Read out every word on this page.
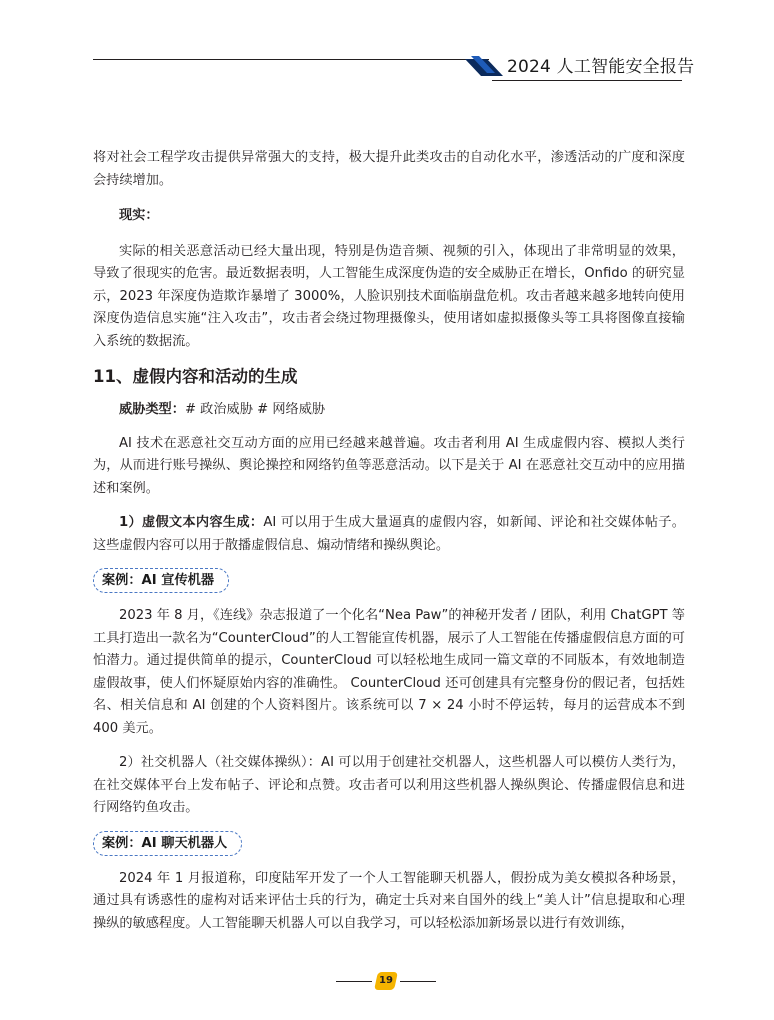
2024 人工智能安全报告

将对社会工程学攻击提供异常强大的支持，极大提升此类攻击的自动化水平，渗透活动的广度和深度会持续增加。

现实：

实际的相关恶意活动已经大量出现，特别是伪造音频、视频的引入，体现出了非常明显的效果，导致了很现实的危害。最近数据表明，人工智能生成深度伪造的安全威胁正在增长，Onfido 的研究显示，2023 年深度伪造欺诈暴增了 3000%，人脸识别技术面临崩盘危机。攻击者越来越多地转向使用深度伪造信息实施“注入攻击”，攻击者会绕过物理摄像头，使用诸如虚拟摄像头等工具将图像直接输入系统的数据流。

11、虚假内容和活动的生成
威胁类型：# 政治威胁 # 网络威胁

AI 技术在恶意社交互动方面的应用已经越来越普遍。攻击者利用 AI 生成虚假内容、模拟人类行为，从而进行账号操纵、舆论操控和网络钓鱼等恶意活动。以下是关于 AI 在恶意社交互动中的应用描述和案例。

1）虚假文本内容生成：AI 可以用于生成大量逼真的虚假内容，如新闻、评论和社交媒体帖子。这些虚假内容可以用于散播虚假信息、煽动情绪和操纵舆论。

案例：AI 宣传机器

2023 年 8 月，《连线》杂志报道了一个化名“Nea Paw”的神秘开发者 / 团队，利用 ChatGPT 等工具打造出一款名为“CounterCloud”的人工智能宣传机器，展示了人工智能在传播虚假信息方面的可怕潜力。通过提供简单的提示，CounterCloud 可以轻松地生成同一篇文章的不同版本，有效地制造虚假故事，使人们怀疑原始内容的准确性。 CounterCloud 还可创建具有完整身份的假记者，包括姓名、相关信息和 AI 创建的个人资料图片。该系统可以 7 × 24 小时不停运转，每月的运营成本不到 400 美元。

2）社交机器人（社交媒体操纵）：AI 可以用于创建社交机器人，这些机器人可以模仿人类行为，在社交媒体平台上发布帖子、评论和点赞。攻击者可以利用这些机器人操纵舆论、传播虚假信息和进行网络钓鱼攻击。

案例：AI 聊天机器人

2024 年 1 月报道称，印度陆军开发了一个人工智能聊天机器人，假扮成为美女模拟各种场景，通过具有诱惑性的虚构对话来评估士兵的行为，确定士兵对来自国外的线上“美人计”信息提取和心理操纵的敏感程度。人工智能聊天机器人可以自我学习，可以轻松添加新场景以进行有效训练，

19
